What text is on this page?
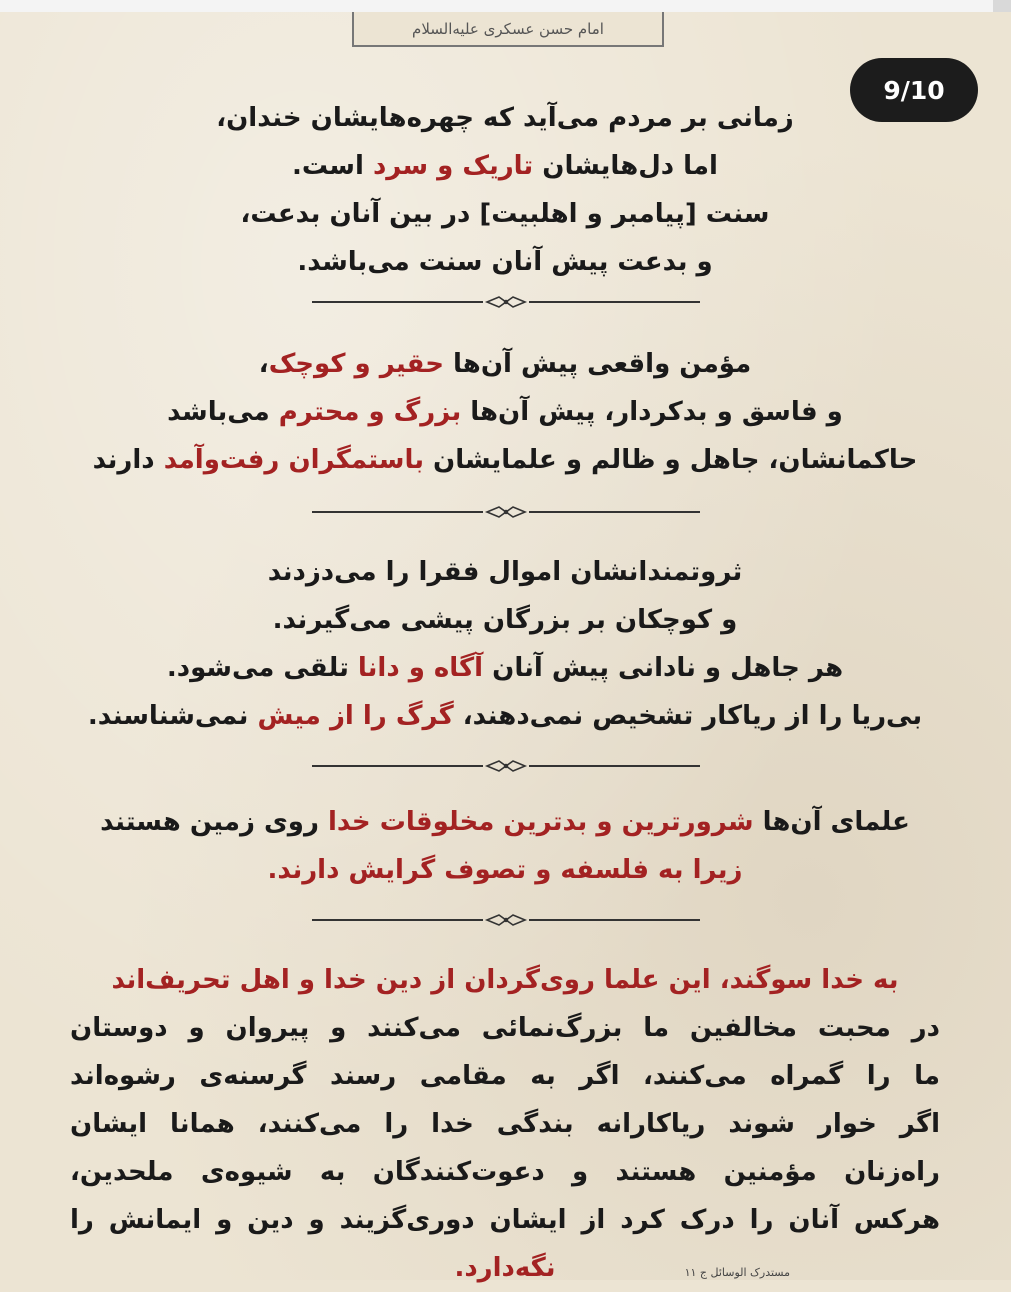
امام حسن عسکری علیه‌السلام
9/10
زمانی بر مردم می‌آید که چهره‌هایشان خندان،
اما دل‌هایشان تاریک و سرد است.
سنت [پیامبر و اهلبیت] در بین آنان بدعت،
و بدعت پیش آنان سنت می‌باشد.
مؤمن واقعی پیش آن‌ها حقیر و کوچک،
و فاسق و بدکردار، پیش آن‌ها بزرگ و محترم می‌باشد
حاکمانشان، جاهل و ظالم و علمایشان باستمگران رفت‌وآمد دارند
ثروتمندانشان اموال فقرا را می‌دزدند
و کوچکان بر بزرگان پیشی می‌گیرند.
هر جاهل و نادانی پیش آنان آگاه و دانا تلقی می‌شود.
بی‌ریا را از ریاکار تشخیص نمی‌دهند، گرگ را از میش نمی‌شناسند.
علمای آن‌ها شرورترین و بدترین مخلوقات خدا روی زمین هستند
زیرا به فلسفه و تصوف گرایش دارند.
به خدا سوگند، این علما روی‌گردان از دین خدا و اهل تحریف‌اند
در محبت مخالفین ما بزرگ‌نمائی می‌کنند و پیروان و دوستان
ما را گمراه می‌کنند، اگر به مقامی رسند گرسنه‌ی رشوه‌اند
اگر خوار شوند ریاکارانه بندگی خدا را می‌کنند، همانا ایشان
راه‌زنان مؤمنین هستند و دعوت‌کنندگان به شیوه‌ی ملحدین،
هرکس آنان را درک کرد از ایشان دوری‌گزیند و دین و ایمانش را
نگه‌دارد.	مستدرک الوسائل ج ۱۱
